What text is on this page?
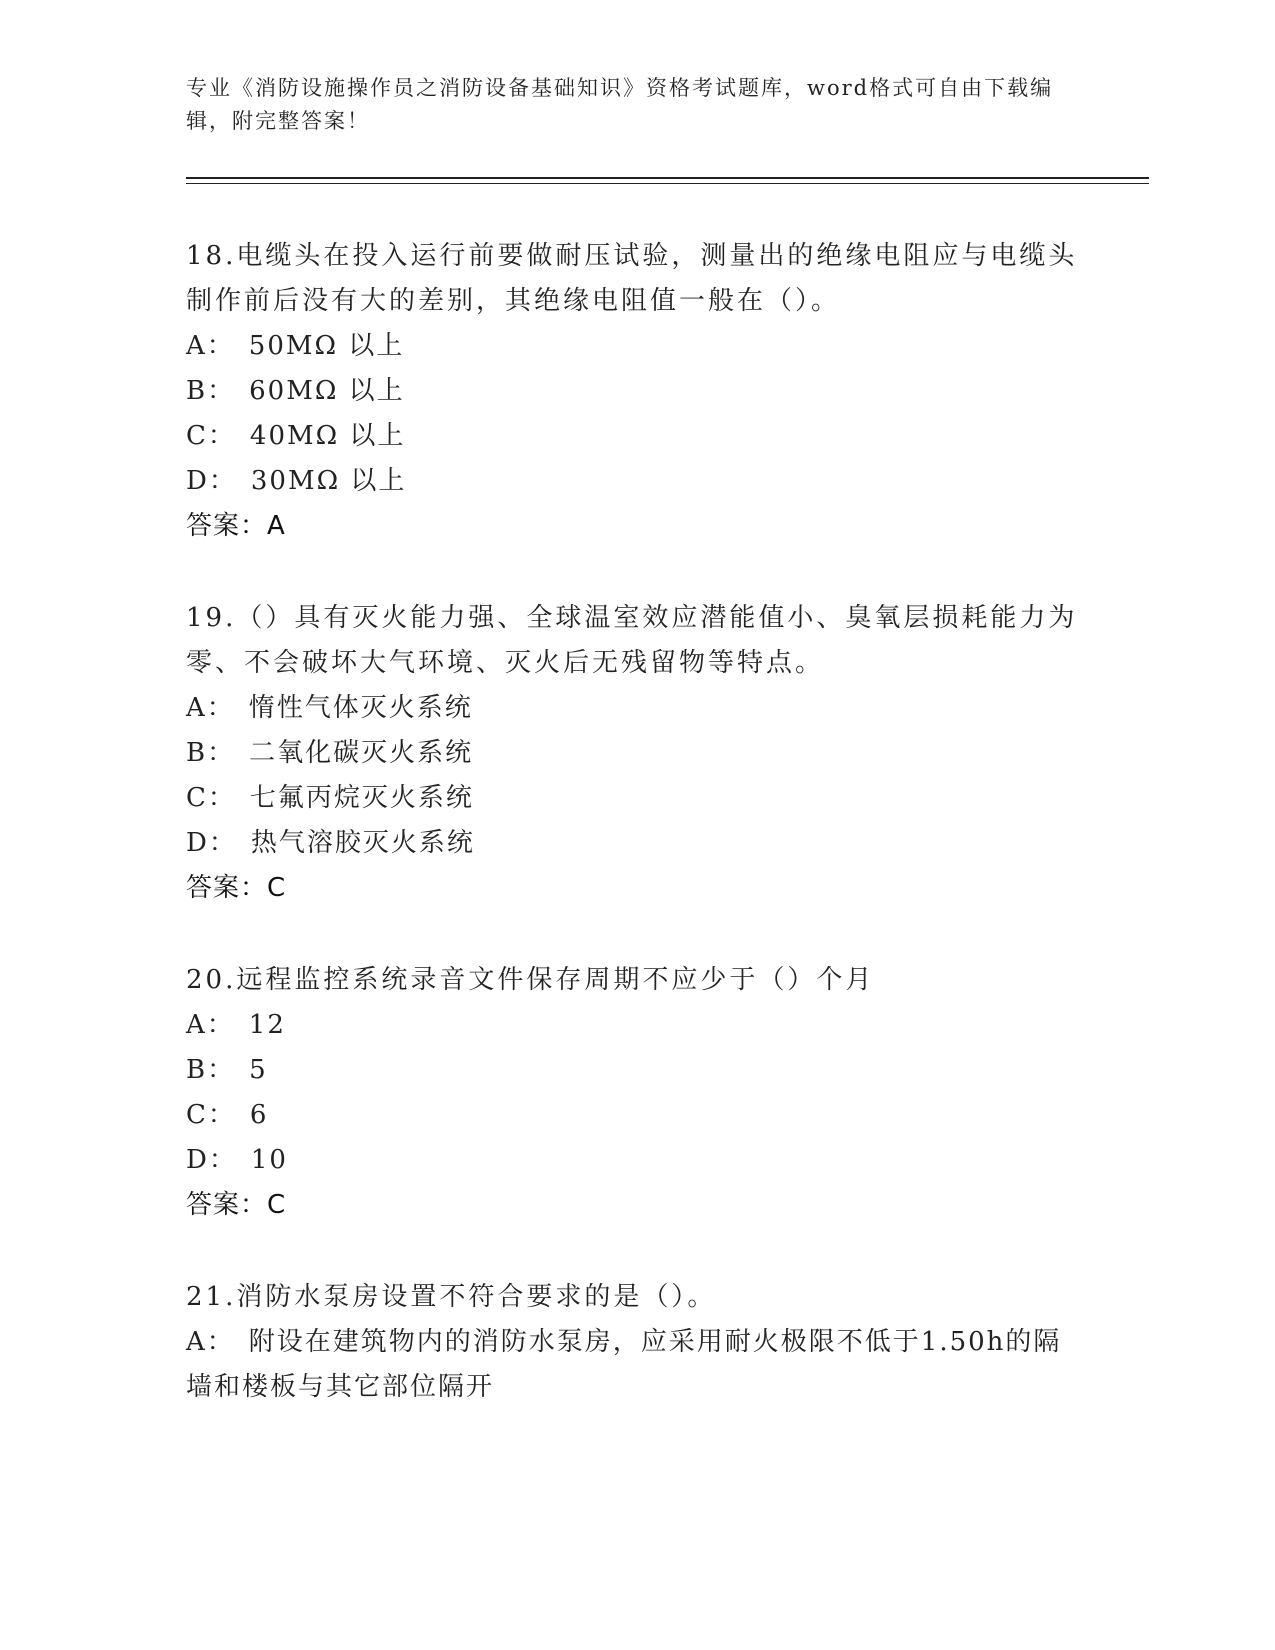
专业《消防设施操作员之消防设备基础知识》资格考试题库，word格式可自由下载编辑，附完整答案！
18.电缆头在投入运行前要做耐压试验，测量出的绝缘电阻应与电缆头制作前后没有大的差别，其绝缘电阻值一般在（）。
A： 50MΩ 以上
B： 60MΩ 以上
C： 40MΩ 以上
D： 30MΩ 以上
答案：A
19.（）具有灭火能力强、全球温室效应潜能值小、臭氧层损耗能力为零、不会破坏大气环境、灭火后无残留物等特点。
A： 惰性气体灭火系统
B： 二氧化碳灭火系统
C： 七氟丙烷灭火系统
D： 热气溶胶灭火系统
答案：C
20.远程监控系统录音文件保存周期不应少于（）个月
A： 12
B： 5
C： 6
D： 10
答案：C
21.消防水泵房设置不符合要求的是（）。
A： 附设在建筑物内的消防水泵房，应采用耐火极限不低于1.50h的隔墙和楼板与其它部位隔开
